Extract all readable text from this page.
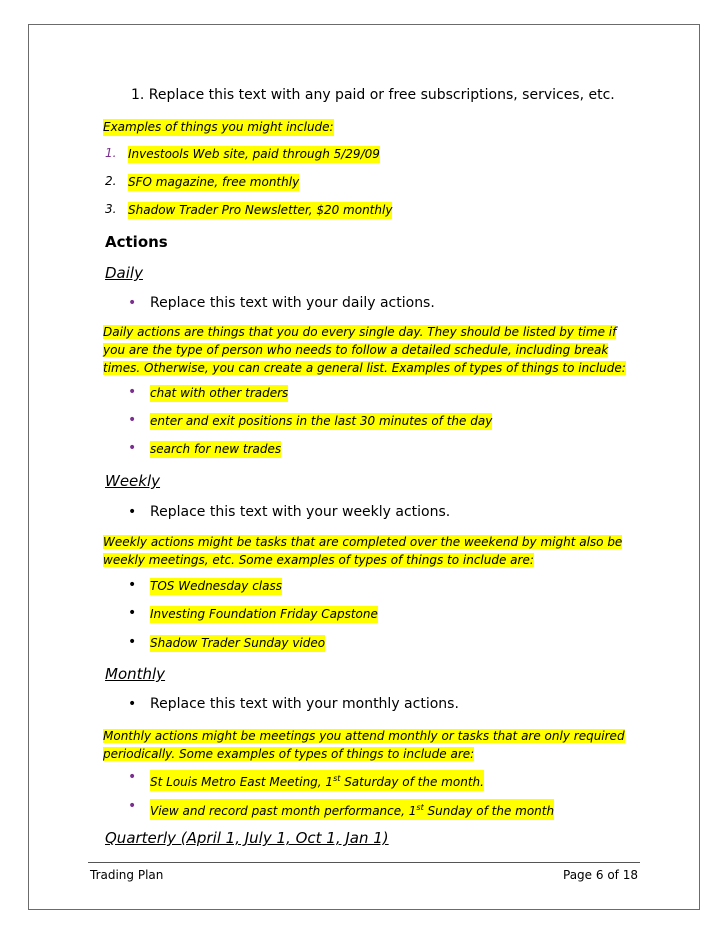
1. Replace this text with any paid or free subscriptions, services, etc.
Examples of things you might include:
1. Investools Web site, paid through 5/29/09
2. SFO magazine, free monthly
3. Shadow Trader Pro Newsletter, $20 monthly
Actions
Daily
• Replace this text with your daily actions.
Daily actions are things that you do every single day. They should be listed by time if
you are the type of person who needs to follow a detailed schedule, including break
times. Otherwise, you can create a general list. Examples of types of things to include:
• chat with other traders
• enter and exit positions in the last 30 minutes of the day
• search for new trades
Weekly
• Replace this text with your weekly actions.
Weekly actions might be tasks that are completed over the weekend by might also be
weekly meetings, etc. Some examples of types of things to include are:
• TOS Wednesday class
• Investing Foundation Friday Capstone
• Shadow Trader Sunday video
Monthly
• Replace this text with your monthly actions.
Monthly actions might be meetings you attend monthly or tasks that are only required
periodically. Some examples of types of things to include are:
• St Louis Metro East Meeting, 1st Saturday of the month.
• View and record past month performance, 1st Sunday of the month
Quarterly (April 1, July 1, Oct 1, Jan 1)
Trading Plan	Page 6 of 18
